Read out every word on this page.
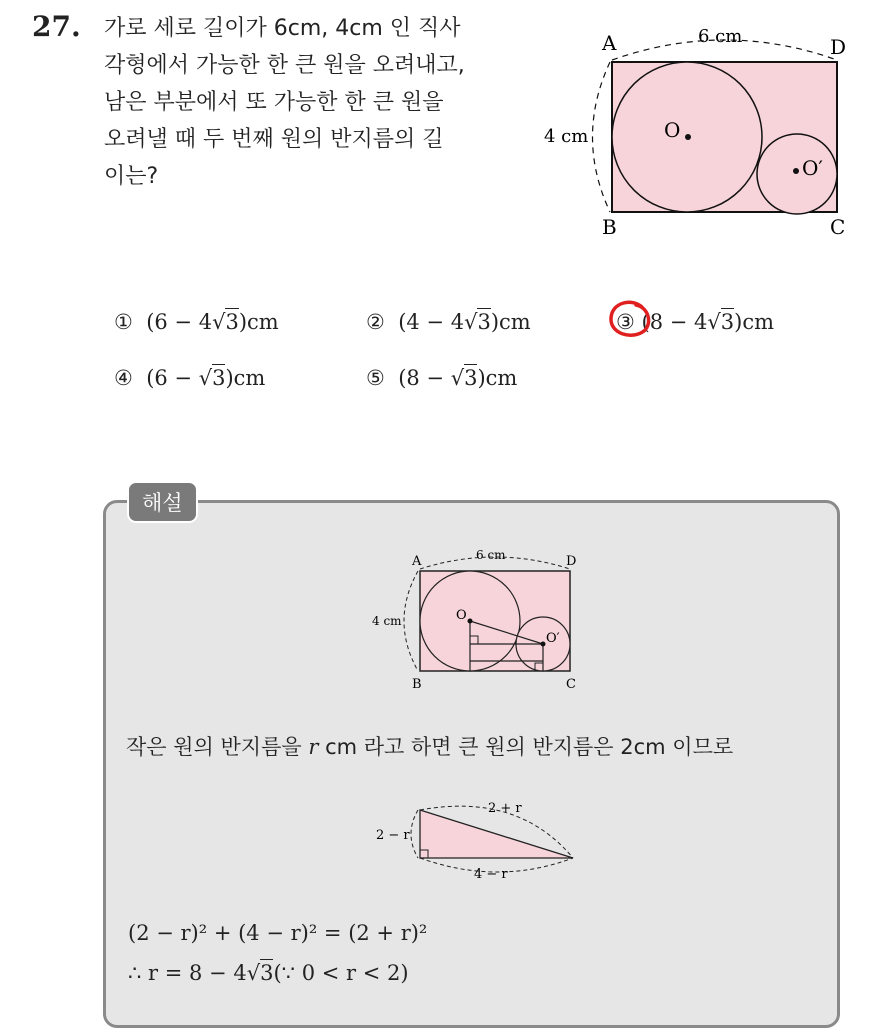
27. 가로 세로 길이가 6cm, 4cm 인 직사
각형에서 가능한 한 큰 원을 오려내고,
남은 부분에서 또 가능한 한 큰 원을
오려낼 때 두 번째 원의 반지름의 길
이는?
A	D
B	C
O
O′
6 cm
4 cm
① (6 − 4√3)cm	② (4 − 4√3)cm	③ (8 − 4√3)cm
④ (6 − √3)cm	⑤ (8 − √3)cm
해설
A	D
B	C
O
O′
6 cm
4 cm
작은 원의 반지름을 r cm 라고 하면 큰 원의 반지름은 2cm 이므로
2 + r
2 − r
4 − r
(2 − r)² + (4 − r)² = (2 + r)²
∴ r = 8 − 4√3(∵ 0 < r < 2)
